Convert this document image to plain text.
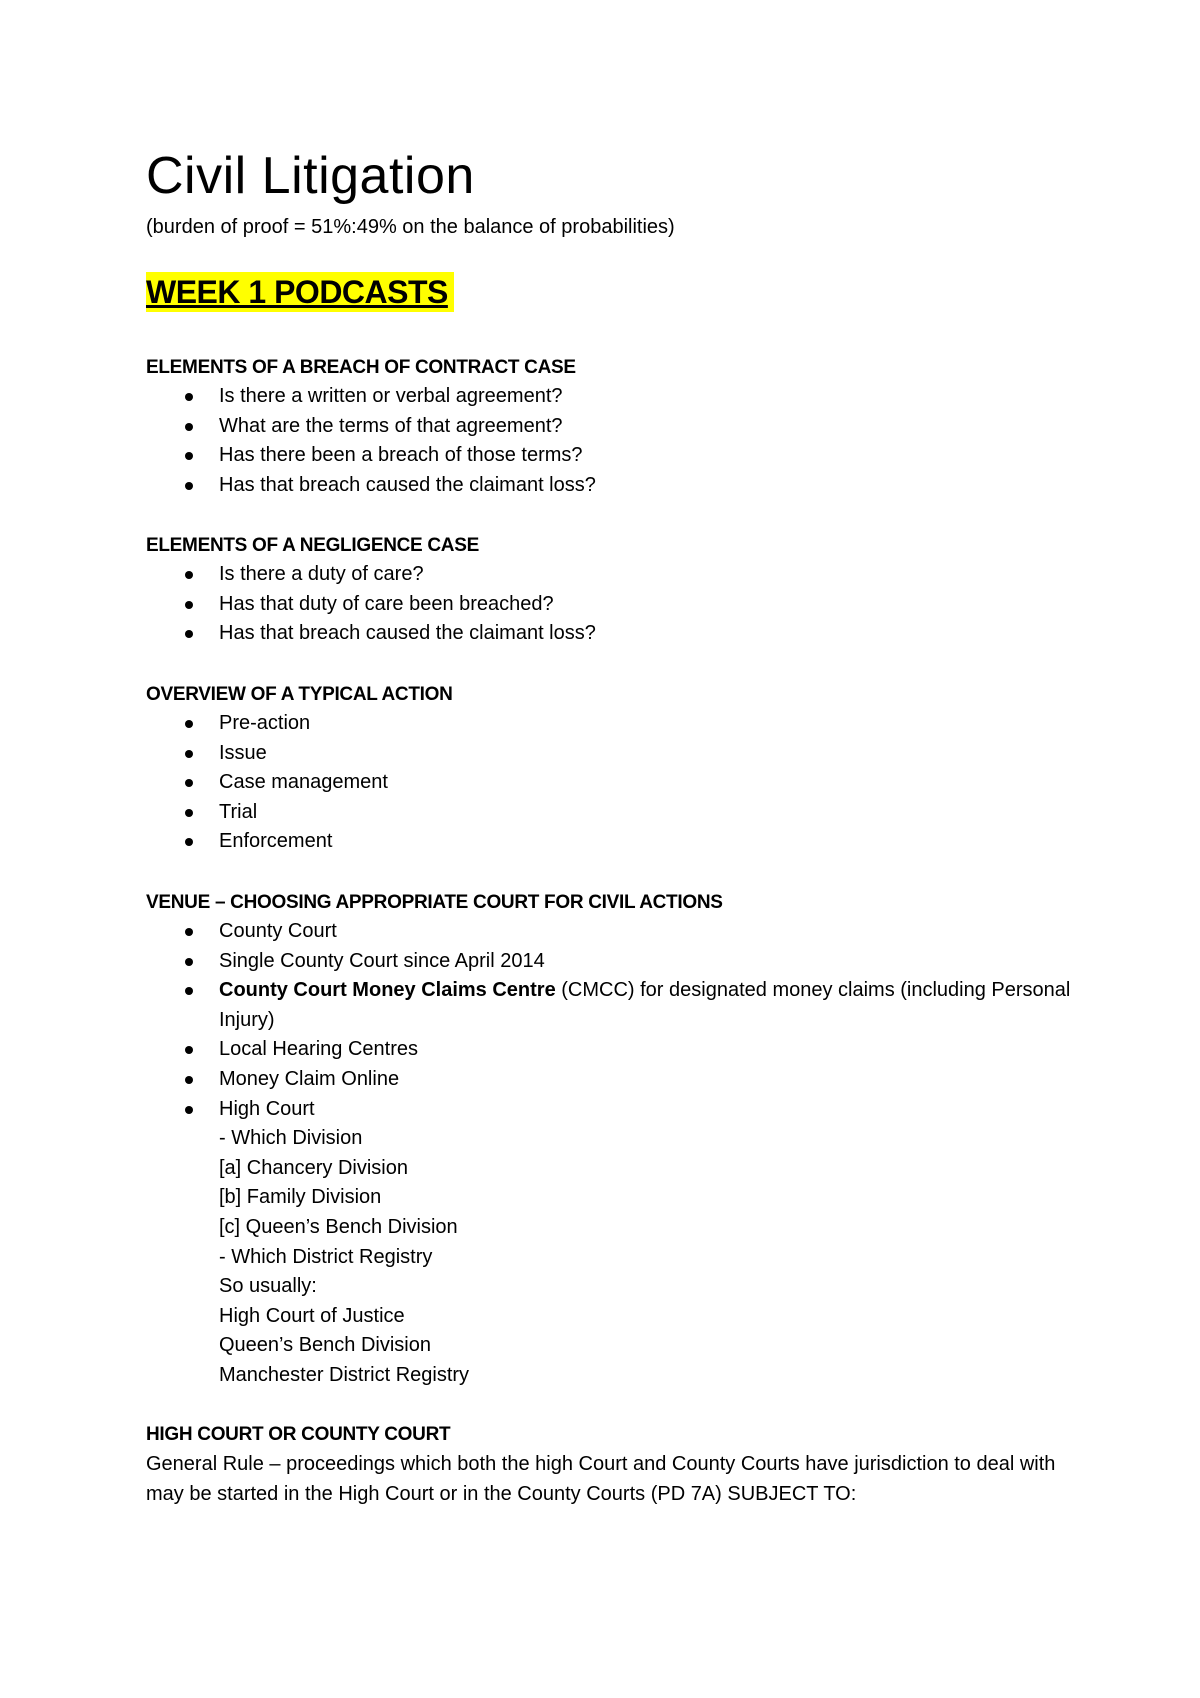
Civil Litigation

(burden of proof = 51%:49% on the balance of probabilities)

WEEK 1 PODCASTS

ELEMENTS OF A BREACH OF CONTRACT CASE

Is there a written or verbal agreement?
What are the terms of that agreement?
Has there been a breach of those terms?
Has that breach caused the claimant loss?

ELEMENTS OF A NEGLIGENCE CASE

Is there a duty of care?
Has that duty of care been breached?
Has that breach caused the claimant loss?

OVERVIEW OF A TYPICAL ACTION

Pre-action
Issue
Case management
Trial
Enforcement

VENUE – CHOOSING APPROPRIATE COURT FOR CIVIL ACTIONS

County Court
Single County Court since April 2014
County Court Money Claims Centre (CMCC) for designated money claims (including Personal Injury)
Local Hearing Centres
Money Claim Online
High Court
- Which Division
[a] Chancery Division
[b] Family Division
[c] Queen’s Bench Division
- Which District Registry
So usually:
High Court of Justice
Queen’s Bench Division
Manchester District Registry

HIGH COURT OR COUNTY COURT

General Rule – proceedings which both the high Court and County Courts have jurisdiction to deal with may be started in the High Court or in the County Courts (PD 7A) SUBJECT TO:
